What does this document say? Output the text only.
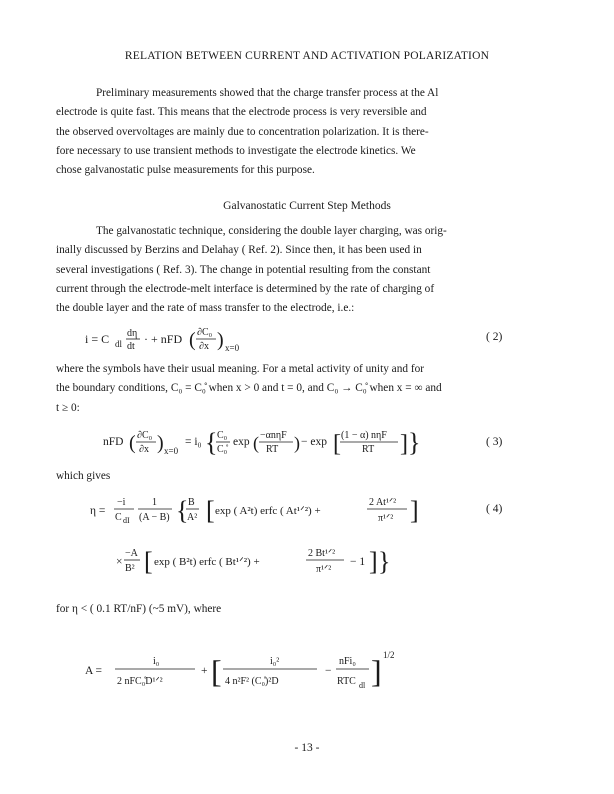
RELATION BETWEEN CURRENT AND ACTIVATION POLARIZATION
Preliminary measurements showed that the charge transfer process at the Al
electrode is quite fast. This means that the electrode process is very reversible and
the observed overvoltages are mainly due to concentration polarization. It is there-
fore necessary to use transient methods to investigate the electrode kinetics. We
chose galvanostatic pulse measurements for this purpose.
Galvanostatic Current Step Methods
The galvanostatic technique, considering the double layer charging, was orig-
inally discussed by Berzins and Delahay ( Ref. 2). Since then, it has been used in
several investigations ( Ref. 3). The change in potential resulting from the constant
current through the electrode-melt interface is determined by the rate of charging of
the double layer and the rate of mass transfer to the electrode, i.e.:
i = C dl
dη
dt
· + nFD ( ∂C₀
∂x ) x=0
( 2)
where the symbols have their usual meaning. For a metal activity of unity and for
the boundary conditions, C₀ = C₀̊ when x > 0 and t = 0, and C₀ → C₀̊ when x = ∞ and
t ≥ 0:
nFD ( ∂C₀
∂x ) x=0
= i₀ { C₀
C₀̊
exp ( −αnηF
RT ) − exp [ (1 − α) nηF
RT ] }	( 3)
which gives
η =
−i
C dI
1
(A − B) { B
A² [ exp ( A²t) erfc ( At¹ᐟ²) +
2 At¹ᐟ²
π¹ᐟ² ]	( 4)
×
−A
B² [ exp ( B²t) erfc ( Bt¹ᐟ²) +
2 Bt¹ᐟ²
π¹ᐟ²
− 1 ] }
for η < ( 0.1 RT/nF) (~5 mV), where
A =
i₀
2 nFC₀̊D¹ᐟ²
+ [	i₀²
4 n²F² (C₀̊)²D
−
nFi₀
RTC dl ] 1/2
- 13 -
